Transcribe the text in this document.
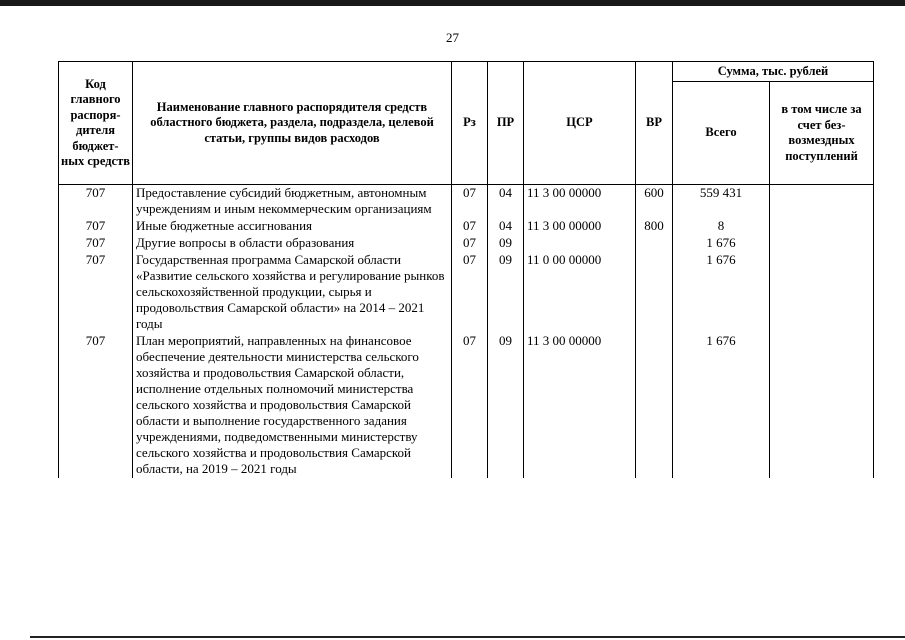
27
Код главного распоря-дителя бюджет-ных средств	Наименование главного распорядителя средств областного бюджета, раздела, подраздела, целевой статьи, группы видов расходов	Рз	ПР	ЦСР	ВР	Сумма, тыс. рублей	
						Всего	в том числе за счет без-возмездных поступлений
707	Предоставление субсидий бюджетным, автономным учреждениям и иным некоммерческим организациям	07	04	11 3 00 00000	600	559 431	
707	Иные бюджетные ассигнования	07	04	11 3 00 00000	800	8	
707	Другие вопросы в области образования	07	09			1 676	
707	Государственная программа Самарской области «Развитие сельского хозяйства и регулирование рынков сельскохозяйственной продукции, сырья и продовольствия Самарской области» на 2014 – 2021 годы	07	09	11 0 00 00000		1 676	
707	План мероприятий, направленных на финансовое обеспечение деятельности министерства сельского хозяйства и продовольствия Самарской области, исполнение отдельных полномочий министерства сельского хозяйства и продовольствия Самарской области и выполнение государственного задания учреждениями, подведомственными министерству сельского хозяйства и продовольствия Самарской области, на 2019 – 2021 годы	07	09	11 3 00 00000		1 676	
